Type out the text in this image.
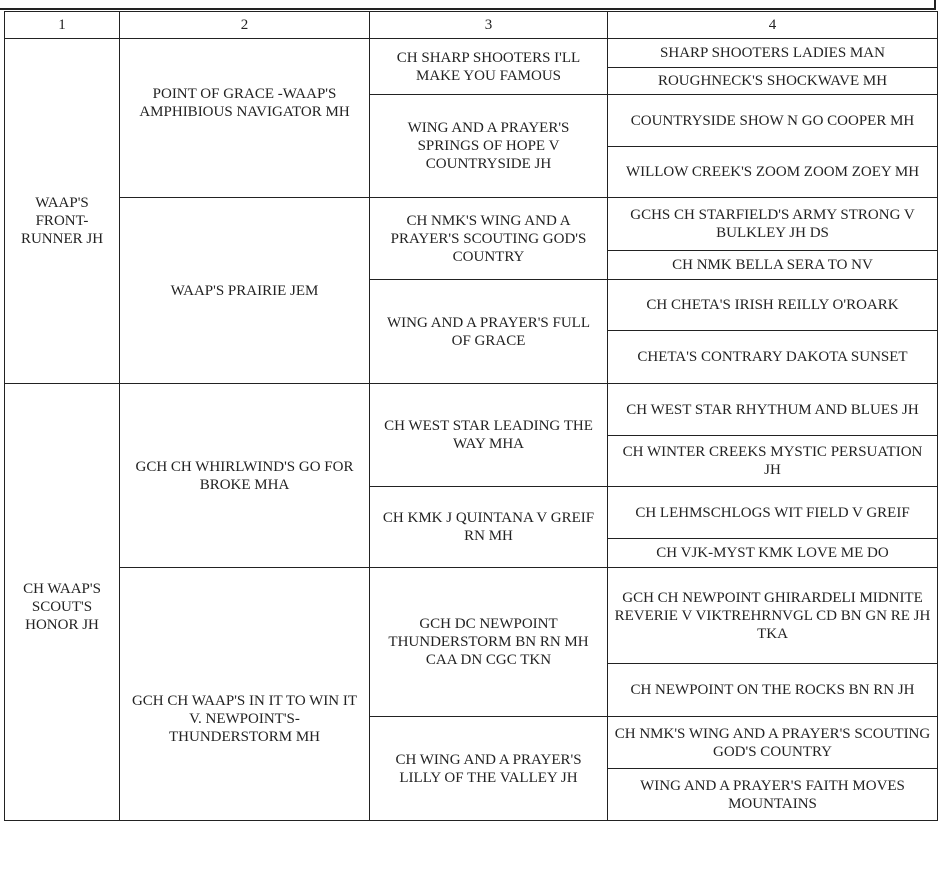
1	2	3	4
WAAP'S FRONT- RUNNER JH	POINT OF GRACE -WAAP'S AMPHIBIOUS NAVIGATOR MH	CH SHARP SHOOTERS I'LL MAKE YOU FAMOUS	SHARP SHOOTERS LADIES MAN
			ROUGHNECK'S SHOCKWAVE MH
		WING AND A PRAYER'S SPRINGS OF HOPE V COUNTRYSIDE JH	COUNTRYSIDE SHOW N GO COOPER MH
			WILLOW CREEK'S ZOOM ZOOM ZOEY MH
	WAAP'S PRAIRIE JEM	CH NMK'S WING AND A PRAYER'S SCOUTING GOD'S COUNTRY	GCHS CH STARFIELD'S ARMY STRONG V BULKLEY JH DS
			CH NMK BELLA SERA TO NV
		WING AND A PRAYER'S FULL OF GRACE	CH CHETA'S IRISH REILLY O'ROARK
			CHETA'S CONTRARY DAKOTA SUNSET
CH WAAP'S SCOUT'S HONOR JH	GCH CH WHIRLWIND'S GO FOR BROKE MHA	CH WEST STAR LEADING THE WAY MHA	CH WEST STAR RHYTHUM AND BLUES JH
			CH WINTER CREEKS MYSTIC PERSUATION JH
		CH KMK J QUINTANA V GREIF RN MH	CH LEHMSCHLOGS WIT FIELD V GREIF
			CH VJK-MYST KMK LOVE ME DO
	GCH CH WAAP'S IN IT TO WIN IT V. NEWPOINT'S- THUNDERSTORM MH	GCH DC NEWPOINT THUNDERSTORM BN RN MH CAA DN CGC TKN	GCH CH NEWPOINT GHIRARDELI MIDNITE REVERIE V VIKTREHRNVGL CD BN GN RE JH TKA
			CH NEWPOINT ON THE ROCKS BN RN JH
		CH WING AND A PRAYER'S LILLY OF THE VALLEY JH	CH NMK'S WING AND A PRAYER'S SCOUTING GOD'S COUNTRY
			WING AND A PRAYER'S FAITH MOVES MOUNTAINS
